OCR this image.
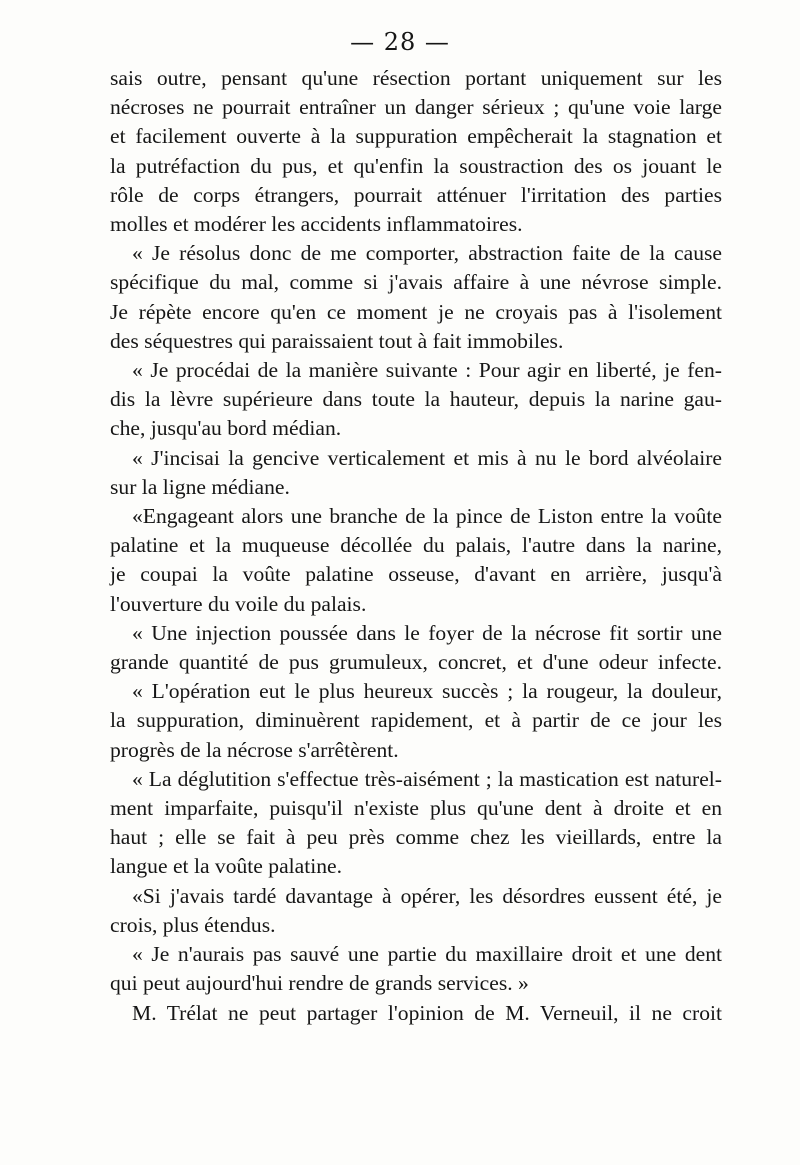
— 28 —

sais outre, pensant qu'une résection portant uniquement sur les
nécroses ne pourrait entraîner un danger sérieux ; qu'une voie large
et facilement ouverte à la suppuration empêcherait la stagnation et
la putréfaction du pus, et qu'enfin la soustraction des os jouant le
rôle de corps étrangers, pourrait atténuer l'irritation des parties
molles et modérer les accidents inflammatoires.

« Je résolus donc de me comporter, abstraction faite de la cause
spécifique du mal, comme si j'avais affaire à une névrose simple.
Je répète encore qu'en ce moment je ne croyais pas à l'isolement
des séquestres qui paraissaient tout à fait immobiles.

« Je procédai de la manière suivante : Pour agir en liberté, je fen-
dis la lèvre supérieure dans toute la hauteur, depuis la narine gau-
che, jusqu'au bord médian.

« J'incisai la gencive verticalement et mis à nu le bord alvéolaire
sur la ligne médiane.

«Engageant alors une branche de la pince de Liston entre la voûte
palatine et la muqueuse décollée du palais, l'autre dans la narine,
je coupai la voûte palatine osseuse, d'avant en arrière, jusqu'à
l'ouverture du voile du palais.

« Une injection poussée dans le foyer de la nécrose fit sortir une
grande quantité de pus grumuleux, concret, et d'une odeur infecte.

« L'opération eut le plus heureux succès ; la rougeur, la douleur,
la suppuration, diminuèrent rapidement, et à partir de ce jour les
progrès de la nécrose s'arrêtèrent.

« La déglutition s'effectue très-aisément ; la mastication est naturel-
ment imparfaite, puisqu'il n'existe plus qu'une dent à droite et en
haut ; elle se fait à peu près comme chez les vieillards, entre la
langue et la voûte palatine.

«Si j'avais tardé davantage à opérer, les désordres eussent été, je
crois, plus étendus.

« Je n'aurais pas sauvé une partie du maxillaire droit et une dent
qui peut aujourd'hui rendre de grands services. »

M. Trélat ne peut partager l'opinion de M. Verneuil, il ne croit
